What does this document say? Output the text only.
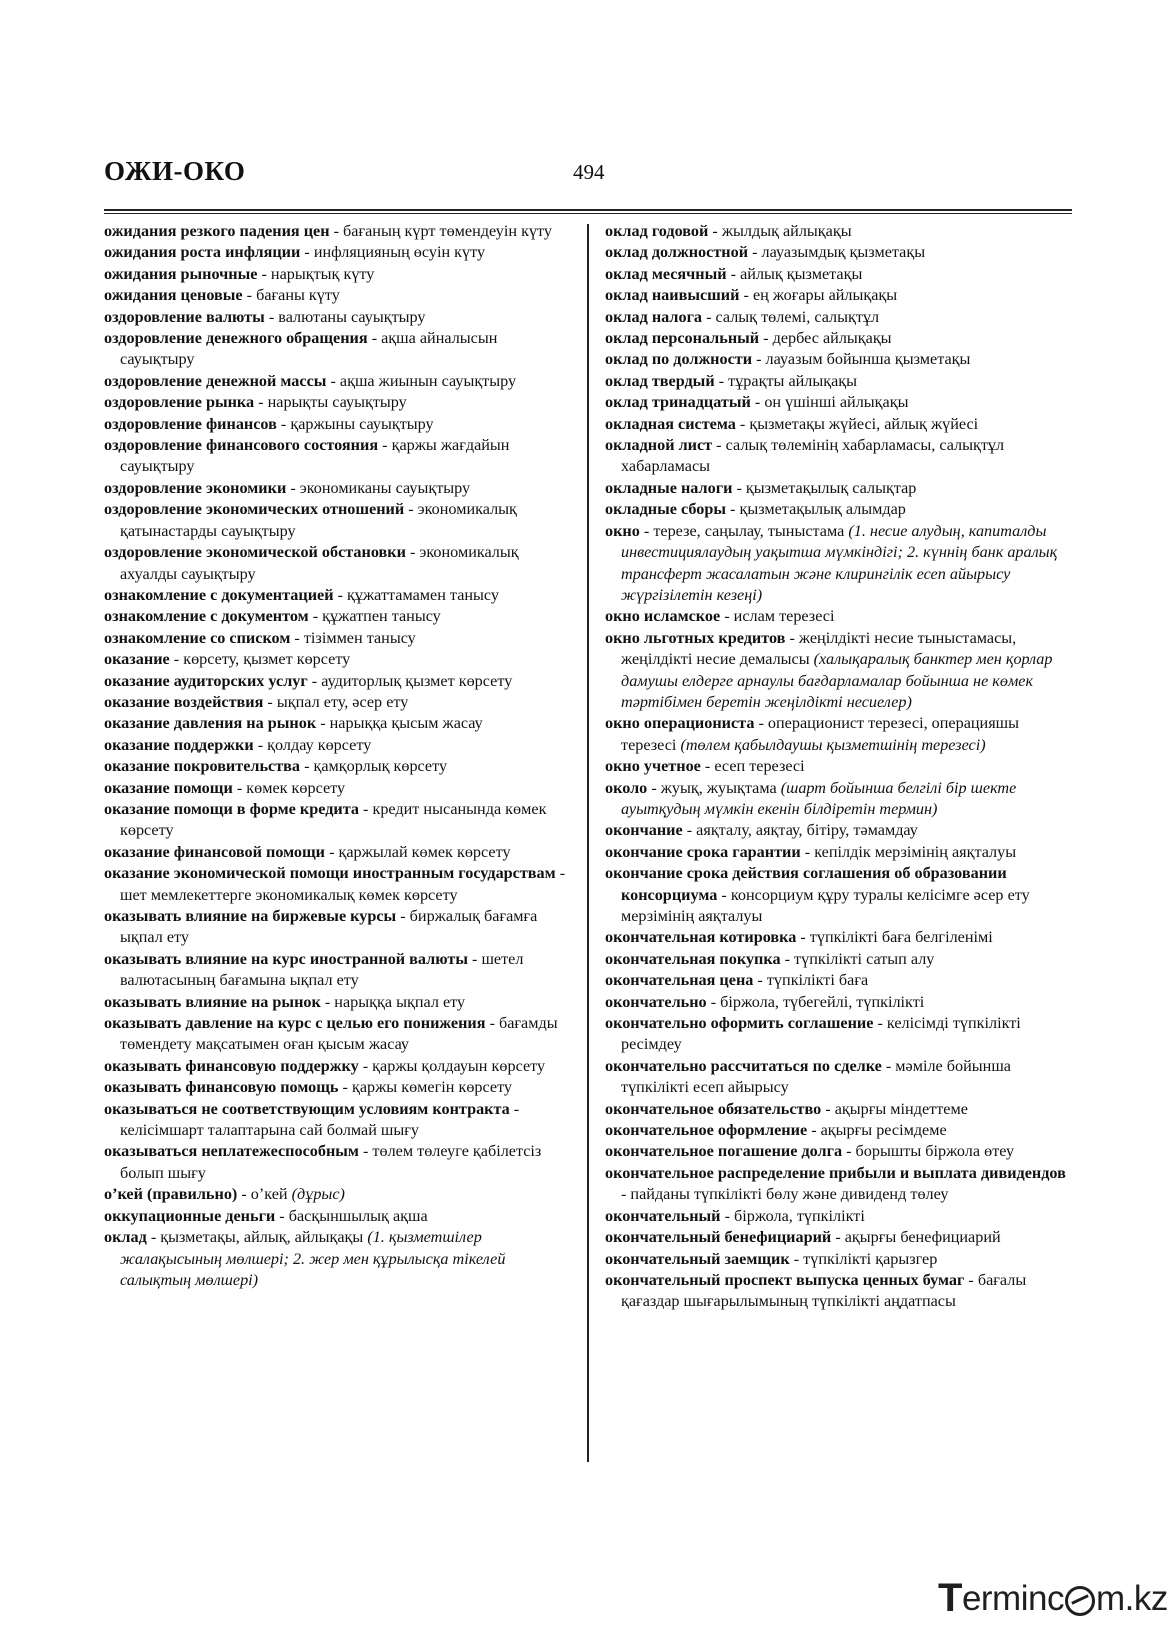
ОЖИ-ОКО	494
ожидания резкого падения цен - бағаның күрт төмендеуін күту
ожидания роста инфляции - инфляцияның өсуін күту
ожидания рыночные - нарықтық күту
ожидания ценовые - бағаны күту
оздоровление валюты - валютаны сауықтыру
оздоровление денежного обращения - ақша айналысын сауықтыру
оздоровление денежной массы - ақша жиынын сауықтыру
оздоровление рынка - нарықты сауықтыру
оздоровление финансов - қаржыны сауықтыру
оздоровление финансового состояния - қаржы жағдайын сауықтыру
оздоровление экономики - экономиканы сауықтыру
оздоровление экономических отношений - экономикалық қатынастарды сауықтыру
оздоровление экономической обстановки - экономикалық ахуалды сауықтыру
ознакомление с документацией - құжаттамамен танысу
ознакомление с документом - құжатпен танысу
ознакомление со списком - тізіммен танысу
оказание - көрсету, қызмет көрсету
оказание аудиторских услуг - аудиторлық қызмет көрсету
оказание воздействия - ықпал ету, әсер ету
оказание давления на рынок - нарыққа қысым жасау
оказание поддержки - қолдау көрсету
оказание покровительства - қамқорлық көрсету
оказание помощи - көмек көрсету
оказание помощи в форме кредита - кредит нысанында көмек көрсету
оказание финансовой помощи - қаржылай көмек көрсету
оказание экономической помощи иностранным государствам - шет мемлекеттерге экономикалық көмек көрсету
оказывать влияние на биржевые курсы - биржалық бағамға ықпал ету
оказывать влияние на курс иностранной валюты - шетел валютасының бағамына ықпал ету
оказывать влияние на рынок - нарыққа ықпал ету
оказывать давление на курс с целью его понижения - бағамды төмендету мақсатымен оған қысым жасау
оказывать финансовую поддержку - қаржы қолдауын көрсету
оказывать финансовую помощь - қаржы көмегін көрсету
оказываться не соответствующим условиям контракта - келісімшарт талаптарына сай болмай шығу
оказываться неплатежеспособным - төлем төлеуге қабілетсіз болып шығу
о’кей (правильно) - о’кей (дұрыс)
оккупационные деньги - басқыншылық ақша
оклад - қызметақы, айлық, айлықақы (1. қызметшілер жалақысының мөлшері; 2. жер мен құрылысқа тікелей салықтың мөлшері)
оклад годовой - жылдық айлықақы
оклад должностной - лауазымдық қызметақы
оклад месячный - айлық қызметақы
оклад наивысший - ең жоғары айлықақы
оклад налога - салық төлемі, салықтұл
оклад персональный - дербес айлықақы
оклад по должности - лауазым бойынша қызметақы
оклад твердый - тұрақты айлықақы
оклад тринадцатый - он үшінші айлықақы
окладная система - қызметақы жүйесі, айлық жүйесі
окладной лист - салық төлемінің хабарламасы, салықтұл хабарламасы
окладные налоги - қызметақылық салықтар
окладные сборы - қызметақылық алымдар
окно - терезе, саңылау, тыныстама (1. несие алудың, капиталды инвестициялаудың уақытша мүмкіндігі; 2. күннің банк аралық трансферт жасалатын және клирингілік есеп айырысу жүргізілетін кезеңі)
окно исламское - ислам терезесі
окно льготных кредитов - жеңілдікті несие тыныстамасы, жеңілдікті несие демалысы (халықаралық банктер мен қорлар дамушы елдерге арнаулы бағдарламалар бойынша не көмек тәртібімен беретін жеңілдікті несиелер)
окно операциониста - операционист терезесі, операцияшы терезесі (төлем қабылдаушы қызметшінің терезесі)
окно учетное - есеп терезесі
около - жуық, жуықтама (шарт бойынша белгілі бір шекте ауытқудың мүмкін екенін білдіретін термин)
окончание - аяқталу, аяқтау, бітіру, тәмамдау
окончание срока гарантии - кепілдік мерзімінің аяқталуы
окончание срока действия соглашения об образовании консорциума - консорциум құру туралы келісімге әсер ету мерзімінің аяқталуы
окончательная котировка - түпкілікті баға белгіленімі
окончательная покупка - түпкілікті сатып алу
окончательная цена - түпкілікті баға
окончательно - біржола, түбегейлі, түпкілікті
окончательно оформить соглашение - келісімді түпкілікті ресімдеу
окончательно рассчитаться по сделке - мәміле бойынша түпкілікті есеп айырысу
окончательное обязательство - ақырғы міндеттеме
окончательное оформление - ақырғы ресімдеме
окончательное погашение долга - борышты біржола өтеу
окончательное распределение прибыли и выплата дивидендов - пайданы түпкілікті бөлу және дивиденд төлеу
окончательный - біржола, түпкілікті
окончательный бенефициарий - ақырғы бенефициарий
окончательный заемщик - түпкілікті қарызгер
окончательный проспект выпуска ценных бумаг - бағалы қағаздар шығарылымының түпкілікті аңдатпасы
T erminc m.kz
